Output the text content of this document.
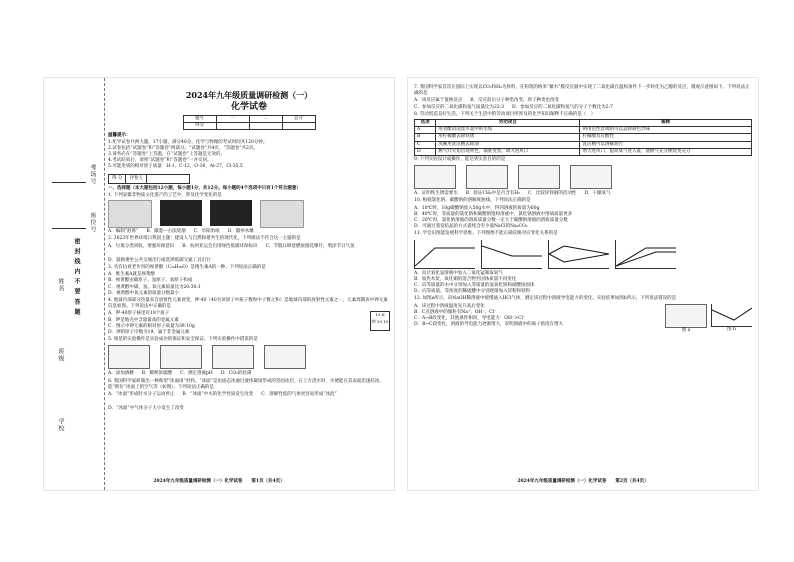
考场号
座位号
密 封 线 内 不 要 答 题
姓名
班级
学校
2024年九年级质量调研检测（一）
化学试卷
题号	一	二	总分
得分			
温馨提示：
1.化学试卷共两大题，17小题，满分40分。化学与物理的考试时间共120分钟。
2.试卷包括“试题卷”和“答题卷”两部分。“试题卷”共4页，“答题卷”共2页。
3.请务必在“答题卷”上答题，在“试题卷”上答题是无效的。
4.考试结束后，请将“试题卷”和“答题卷”一并交回。
5.可能用到的相对原子质量：H-1，C-12，O-16，Al-27，Cl-35.5
得 分	评卷人
一、选择题（本大题包括12小题，每小题1分，共12分。每小题的4个选项中只有1个符合题意）
1. 下列安徽非物质文化遗产的工艺中，涉及化学变化的是
A．编制“舒席” B．徽墨—古法烧烟 C．阜阳剪纸 D．徽州木雕
2. 2023年世界环境日我国主题：建设人与自然和谐共生的现代化。下列做法不符合这一主题的是
A．垃圾分类回收，增强环保意识 B．杭州亚运会启用绿色低碳环保标识 C．节假日肆意燃放烟花爆竹，增添节日气氛
D．鼓励乘坐公共交通出行或选择低碳交通工具出行
3. 具有抗衰老作用的视黄醇（C₂₀H₃₀O）是维生素A的一种。下列说法正确的是
A．维生素A就是视黄醇
B．视黄醇由碳原子、氢原子、氧原子构成
C．视黄醇中碳、氢、氧元素质量比为20:30:1
D．视黄醇中氧元素的质量分数最小
4. 地球内部部分热量来自放射性元素衰变，钾-40（40为该原子中质子数和中子数之和）是地球内部的放射性元素之一，元素周期表中钾元素信息如图。下列说法中正确的是
A．钾-40原子核里有19个质子
B．钾是地壳中含量最高的金属元素
C．图示中钾元素的相对原子质量为39.10g
D．钾的原子序数为19，属于非金属元素
19 K
钾 39.10
5. 规范的实验操作是实验成功的保证和安全保证。下列实验操作中错误的是
A．添加酒精 B．稀释浓硫酸 C．测定溶液pH D．CO₂的验满
6. 我国科学家研制出一种新型“冰面雨”材料。“冰面”是由固态冰通过液体凝固形成的坚固冰层，在上方浇水时，水便能在其表面迅速结冰，能“锁住”冰面上的空气等（如图）。下列说法正确的是
A．“冰面”形成时水分子运动停止 B．“冰面”中水的化学性质发生改变 C．溶解性低的气体更容易形成“冰泡”
D．“冰面”中气体分子大小发生了改变
2024年九年级质量调研检测（一）化学试卷　　第1页（共4页）
7. 我国科学家首次在国际上实现以CO₂和H₂为原料，在构筑的纳米“蓄水”膜反应器中实现了二氧化碳在温和条件下一步转化为乙醇的反应，微观示意图如下。下列说法正确的是
A．该反应属于置换反应 B．反应前后分子种类改变，原子种类也改变
C．参加反应的二氧化碳和氢气质量比为22:3 D．参加反应的二氧化碳和氢气的分子个数比为2:7
8. 劳动创造美好生活，下列关于生活中的劳动项目所涉及的化学知识解释不正确的是（　）
选项	劳动项目	解释
A	用食醋清洗烧水壶中的水垢	利用活性炭吸附可以去除颜色异味
B	用柠檬酸去除铁锈	柠檬酸具有酸性
C	洗碗用洗洁精去除油	洗洁精可以溶解油污
D	燃气灶火焰出现黄色，锅底变黑，调大进风口	增大进风口，提高氧气进入量，使燃气充分燃烧更充分
9. 下列实验设计或操作，能达到实验目的的是
A．证明铁生锈需要水 B．验证CH₄中是否含有H₂ C．比较锌铁铜的活动性 D．干燥氧气
10. 根据氯化钠、碳酸钠的溶解度曲线，下列说法正确的是
A．10℃时，10g碳酸钠放入50g水中，得到溶液的质量为60g
B．40℃时，等质量的氯化钠和碳酸钠饱和溶液中，氯化钠溶液中溶质质量更多
C．20℃时，氯化钠溶液的溶质质量分数一定大于碳酸钠溶液的溶质质量分数
D．可通过蒸发结晶的方式提纯含有少量NaCl的Na₂CO₃
11. 学会识图能发展科学思维。下列图像不能正确反映对应变化关系的是
A．向过氧化氢溶液中加入二氧化锰制取氧气
B．加热木炭，氧化铜的混合物至固体质量不再变化
C．向等质量的水中分别加入等质量的氢氧化钠和硝酸铵固体
D．向等质量、等浓度的稀硫酸中分别逐渐加入锌粉和铁粉
12. 如图a所示，向NaOH稀溶液中缓慢通入HCl气体，测定该过程中溶液导电能力的变化。实验结果如图b所示。下列说法错误的是
A．该过程中溶液温度先升高后变化
B．C点溶液中的微粒有Na⁺、OH⁻、Cl⁻
C．A→B段变化，其他条件相同，导电能力：OH⁻>Cl⁻
D．B→C段变化，溶液的导电能力逐渐增大，说明溶液中的离子浓度在增大
图 a	图 b
2024年九年级质量调研检测（一）化学试卷　　第2页（共4页）
